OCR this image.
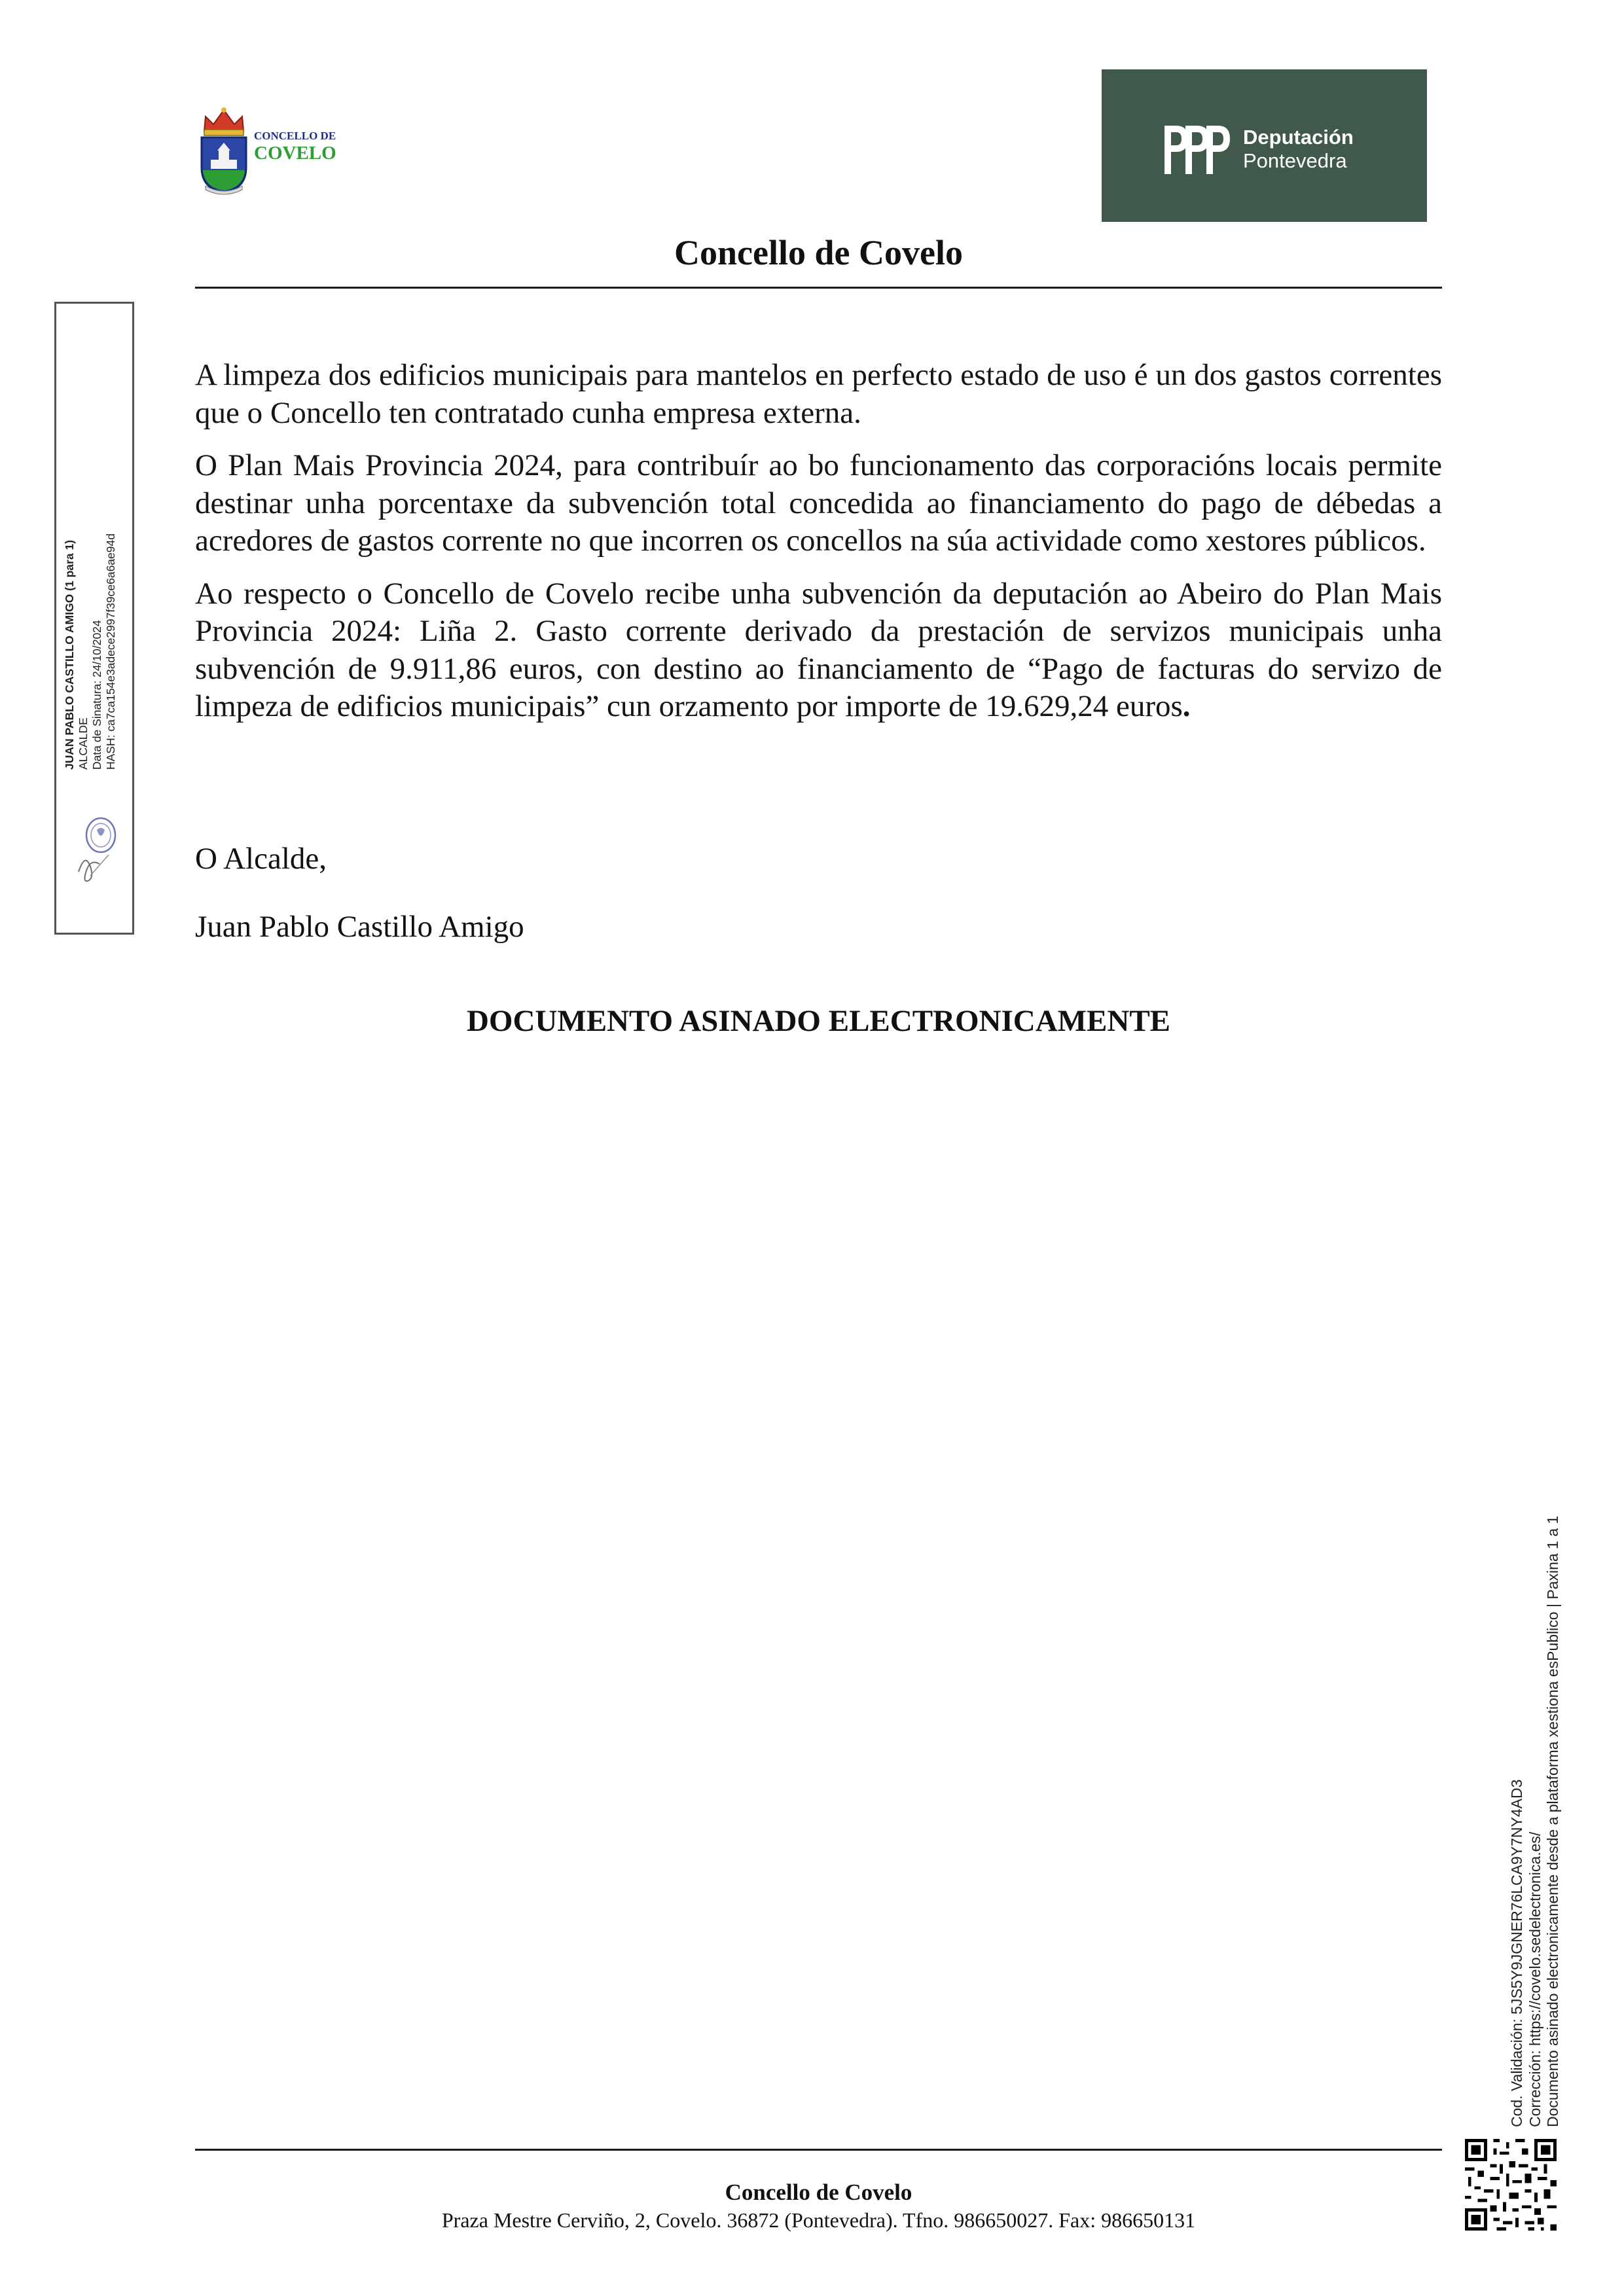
CONCELLO DE
COVELO
Deputación
Pontevedra
Concello de Covelo

A limpeza dos edificios municipais para mantelos en perfecto estado de uso é un dos gastos correntes que o Concello ten contratado cunha empresa externa.

O Plan Mais Provincia 2024, para contribuír ao bo funcionamento das corporacións locais permite destinar unha porcentaxe da subvención total concedida ao financiamento do pago de débedas a acredores de gastos corrente no que incorren os concellos na súa actividade como xestores públicos.

Ao respecto o Concello de Covelo recibe unha subvención da deputación ao Abeiro do Plan Mais Provincia 2024: Liña 2. Gasto corrente derivado da prestación de servizos municipais unha subvención de 9.911,86 euros, con destino ao financiamento de “Pago de facturas do servizo de limpeza de edificios municipais” cun orzamento por importe de 19.629,24 euros.

O Alcalde,
Juan Pablo Castillo Amigo
DOCUMENTO ASINADO ELECTRONICAMENTE
JUAN PABLO CASTILLO AMIGO (1 para 1) ALCALDE Data de Sinatura: 24/10/2024 HASH: ca7ca154e3adece2997f39ce6a6ae94d
Cod. Validación: 5JS5Y9JGNER76LCA9Y7NY4AD3 Corrección: https://covelo.sedelectronica.es/ Documento asinado electronicamente desde a plataforma xestiona esPublico | Paxina 1 a 1
Concello de Covelo
Praza Mestre Cerviño, 2, Covelo. 36872 (Pontevedra). Tfno. 986650027. Fax: 986650131
